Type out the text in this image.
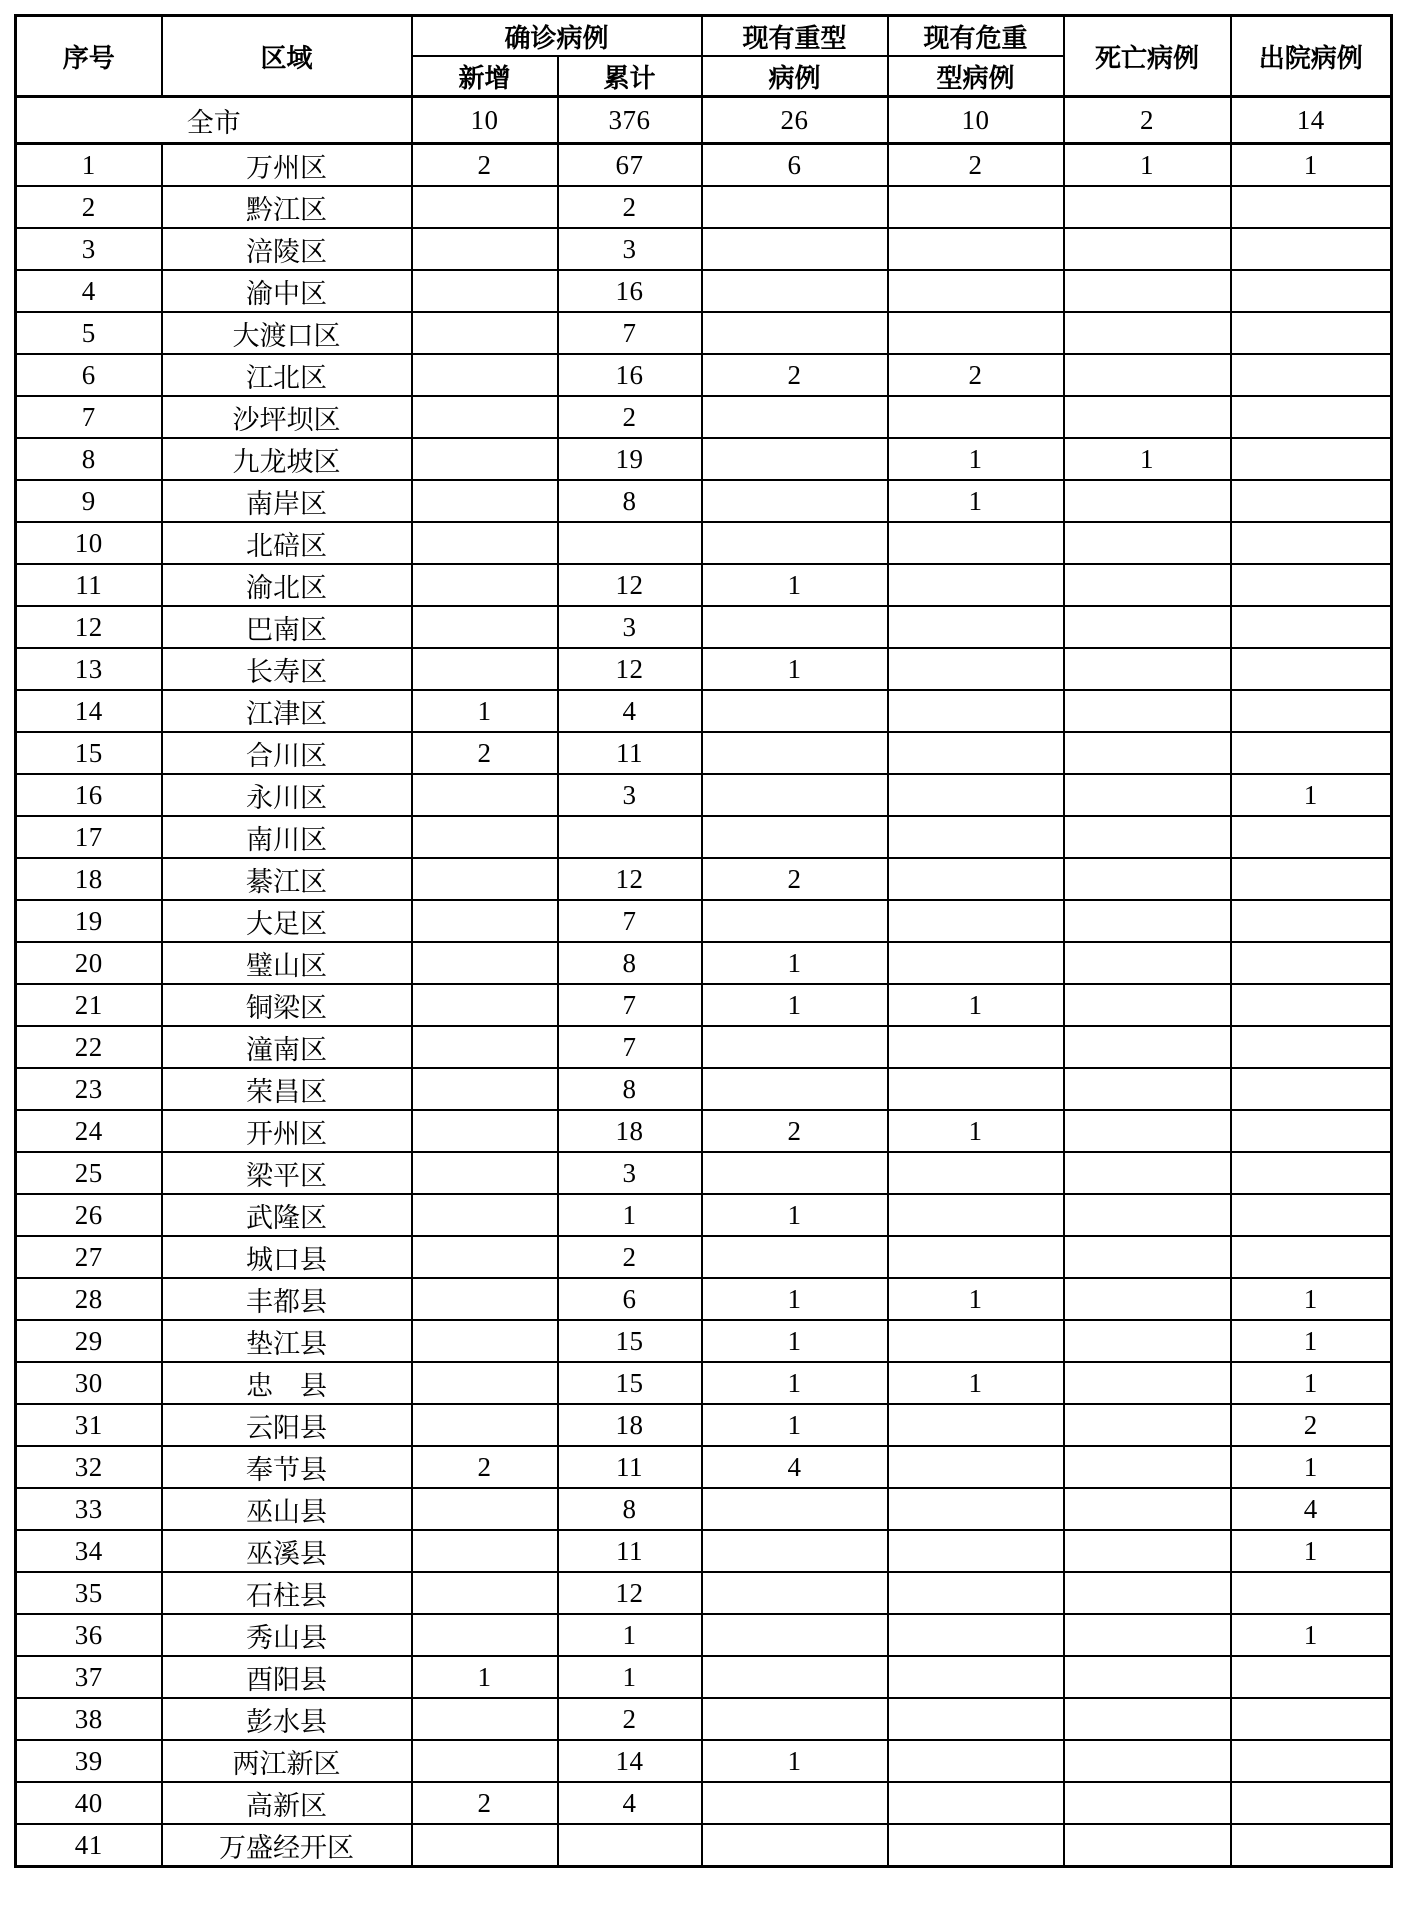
序号	区域	确诊病例		现有重型	现有危重	死亡病例	出院病例
		新增	累计	病例	型病例		
全市		10	376	26	10	2	14
1	万州区	2	67	6	2	1	1
2	黔江区		2				
3	涪陵区		3				
4	渝中区		16				
5	大渡口区		7				
6	江北区		16	2	2		
7	沙坪坝区		2				
8	九龙坡区		19		1	1	
9	南岸区		8		1		
10	北碚区						
11	渝北区		12	1			
12	巴南区		3				
13	长寿区		12	1			
14	江津区	1	4				
15	合川区	2	11				
16	永川区		3				1
17	南川区						
18	綦江区		12	2			
19	大足区		7				
20	璧山区		8	1			
21	铜梁区		7	1	1		
22	潼南区		7				
23	荣昌区		8				
24	开州区		18	2	1		
25	梁平区		3				
26	武隆区		1	1			
27	城口县		2				
28	丰都县		6	1	1		1
29	垫江县		15	1			1
30	忠　县		15	1	1		1
31	云阳县		18	1			2
32	奉节县	2	11	4			1
33	巫山县		8				4
34	巫溪县		11				1
35	石柱县		12				
36	秀山县		1				1
37	酉阳县	1	1				
38	彭水县		2				
39	两江新区		14	1			
40	高新区	2	4				
41	万盛经开区						
